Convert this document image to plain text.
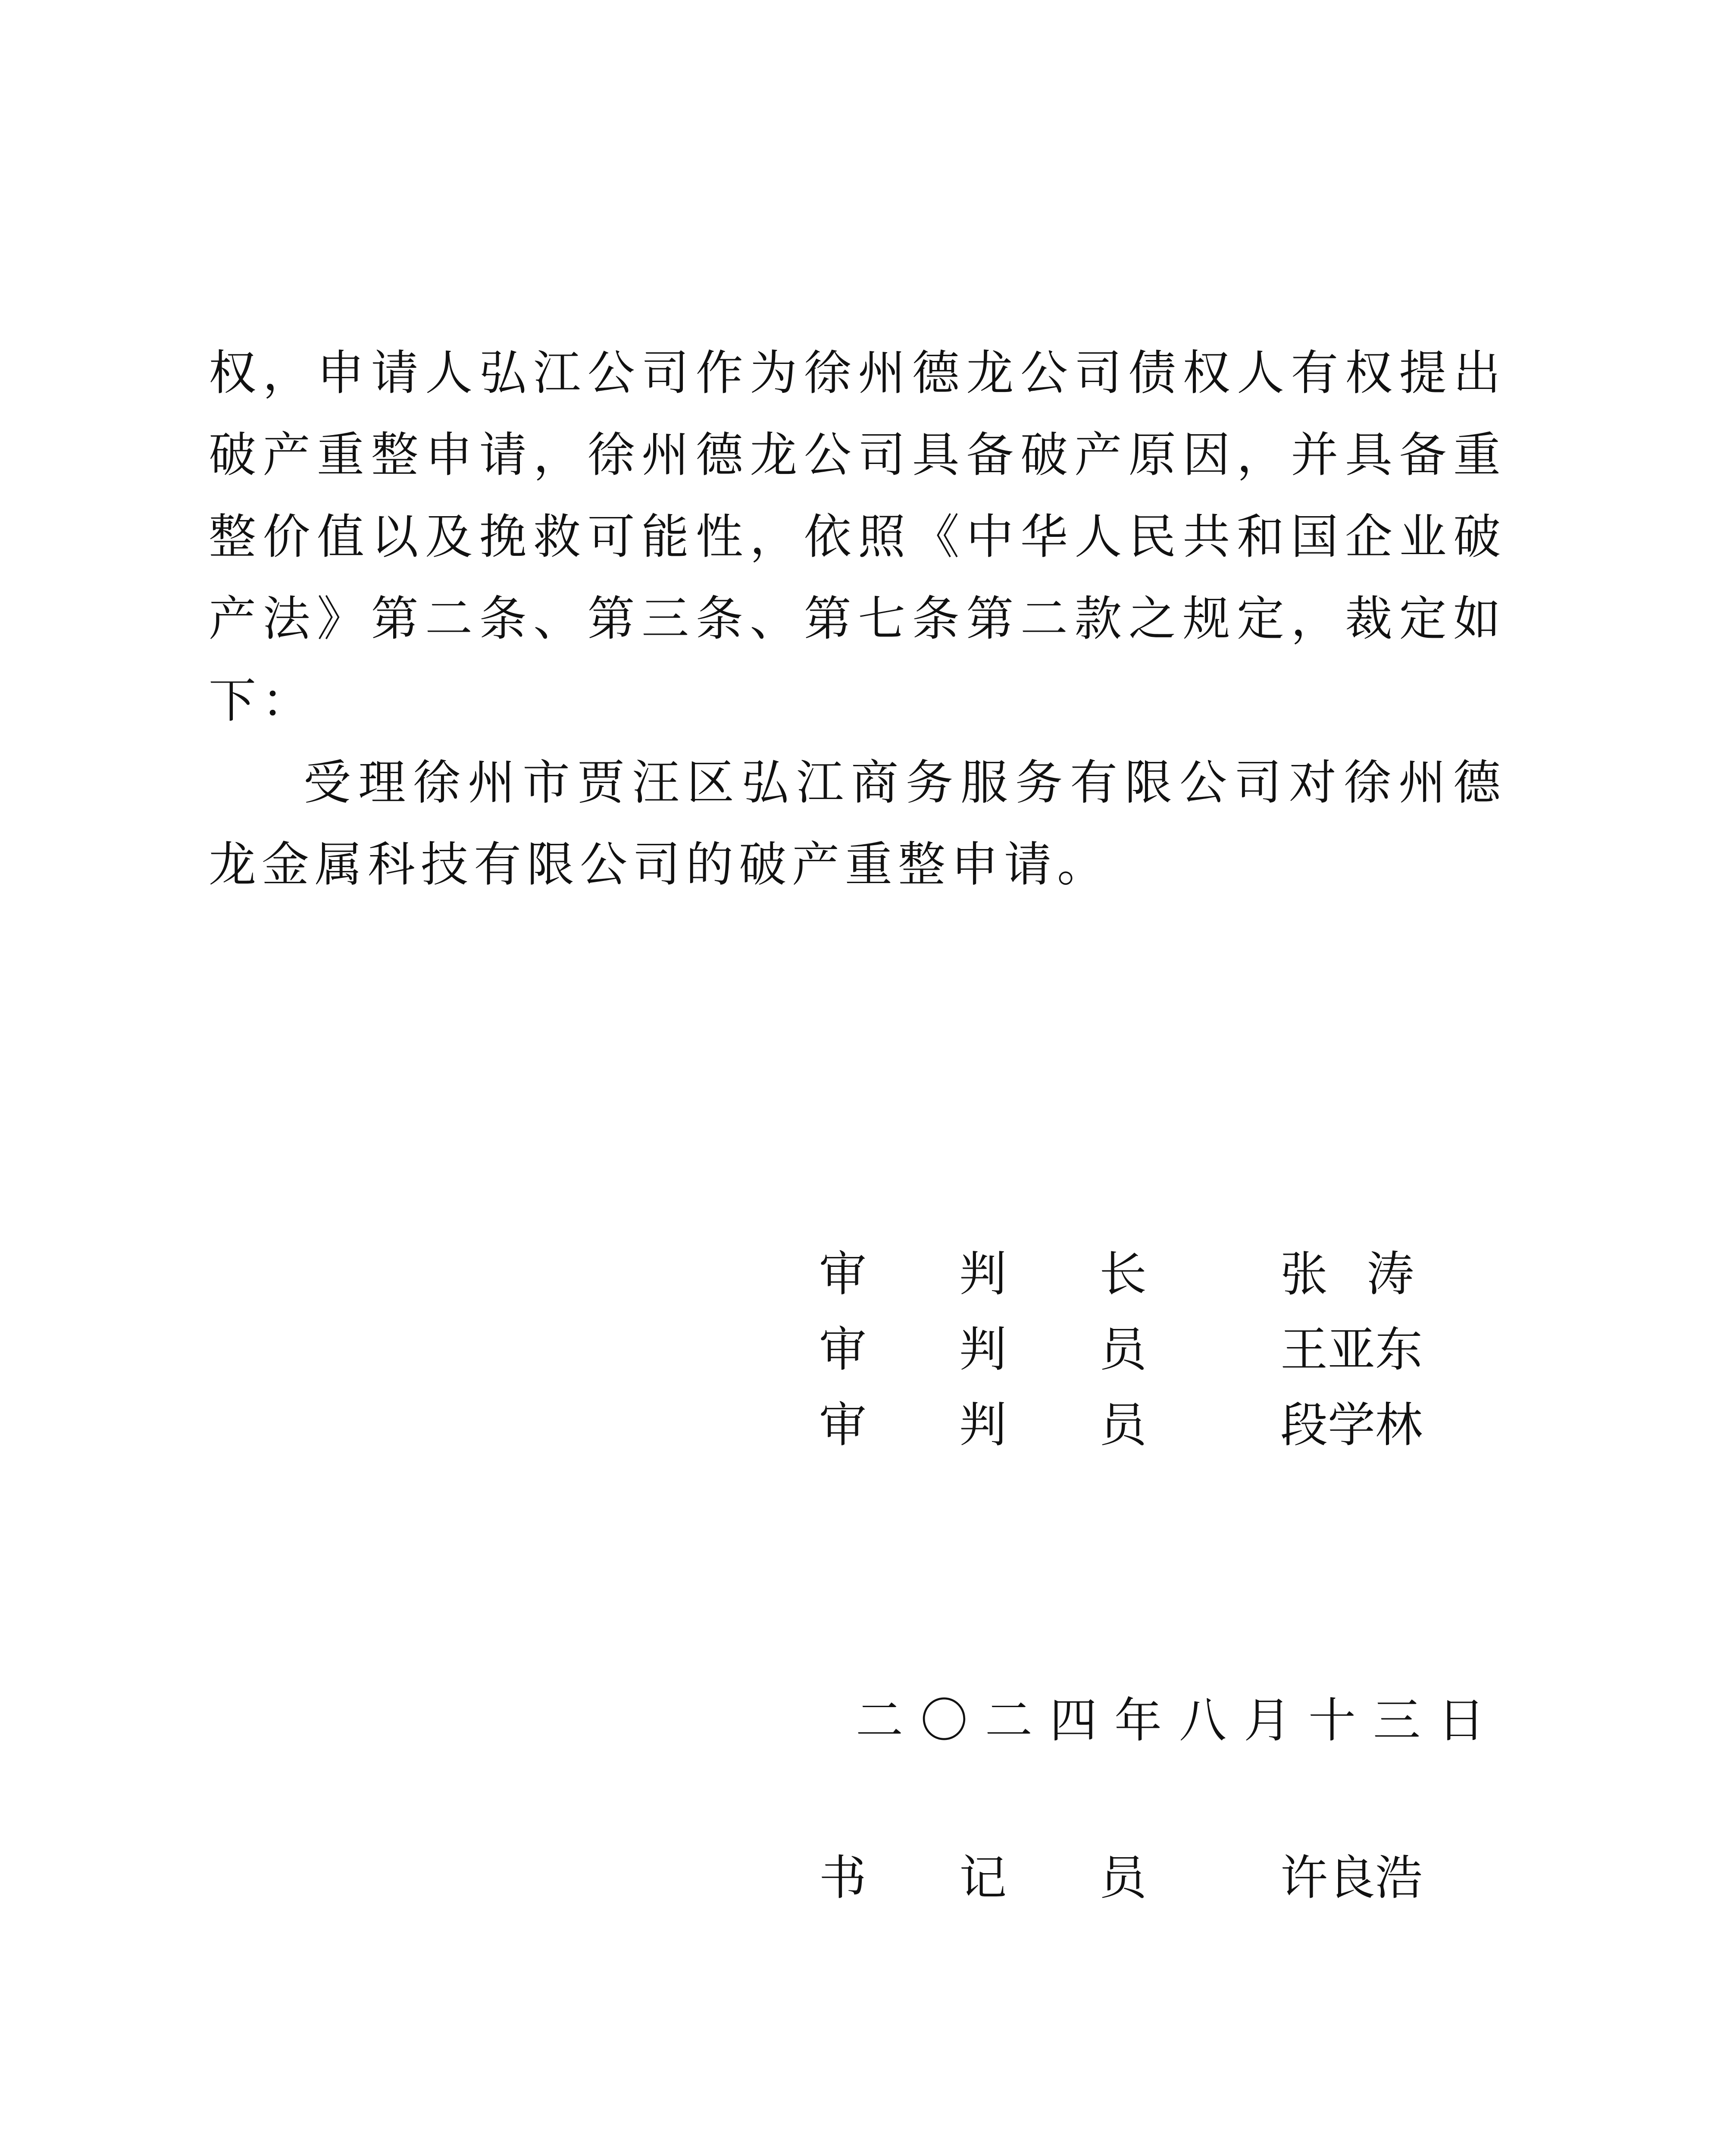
权，申请人弘江公司作为徐州德龙公司债权人有权提出破产重整申请，徐州德龙公司具备破产原因，并具备重整价值以及挽救可能性，依照《中华人民共和国企业破产法》第二条、第三条、第七条第二款之规定，裁定如下：

受理徐州市贾汪区弘江商务服务有限公司对徐州德龙金属科技有限公司的破产重整申请。

审 判 长	张 涛
审 判 员	王亚东
审 判 员	段学林
二〇二四年八月十三日
书 记 员	许良浩
